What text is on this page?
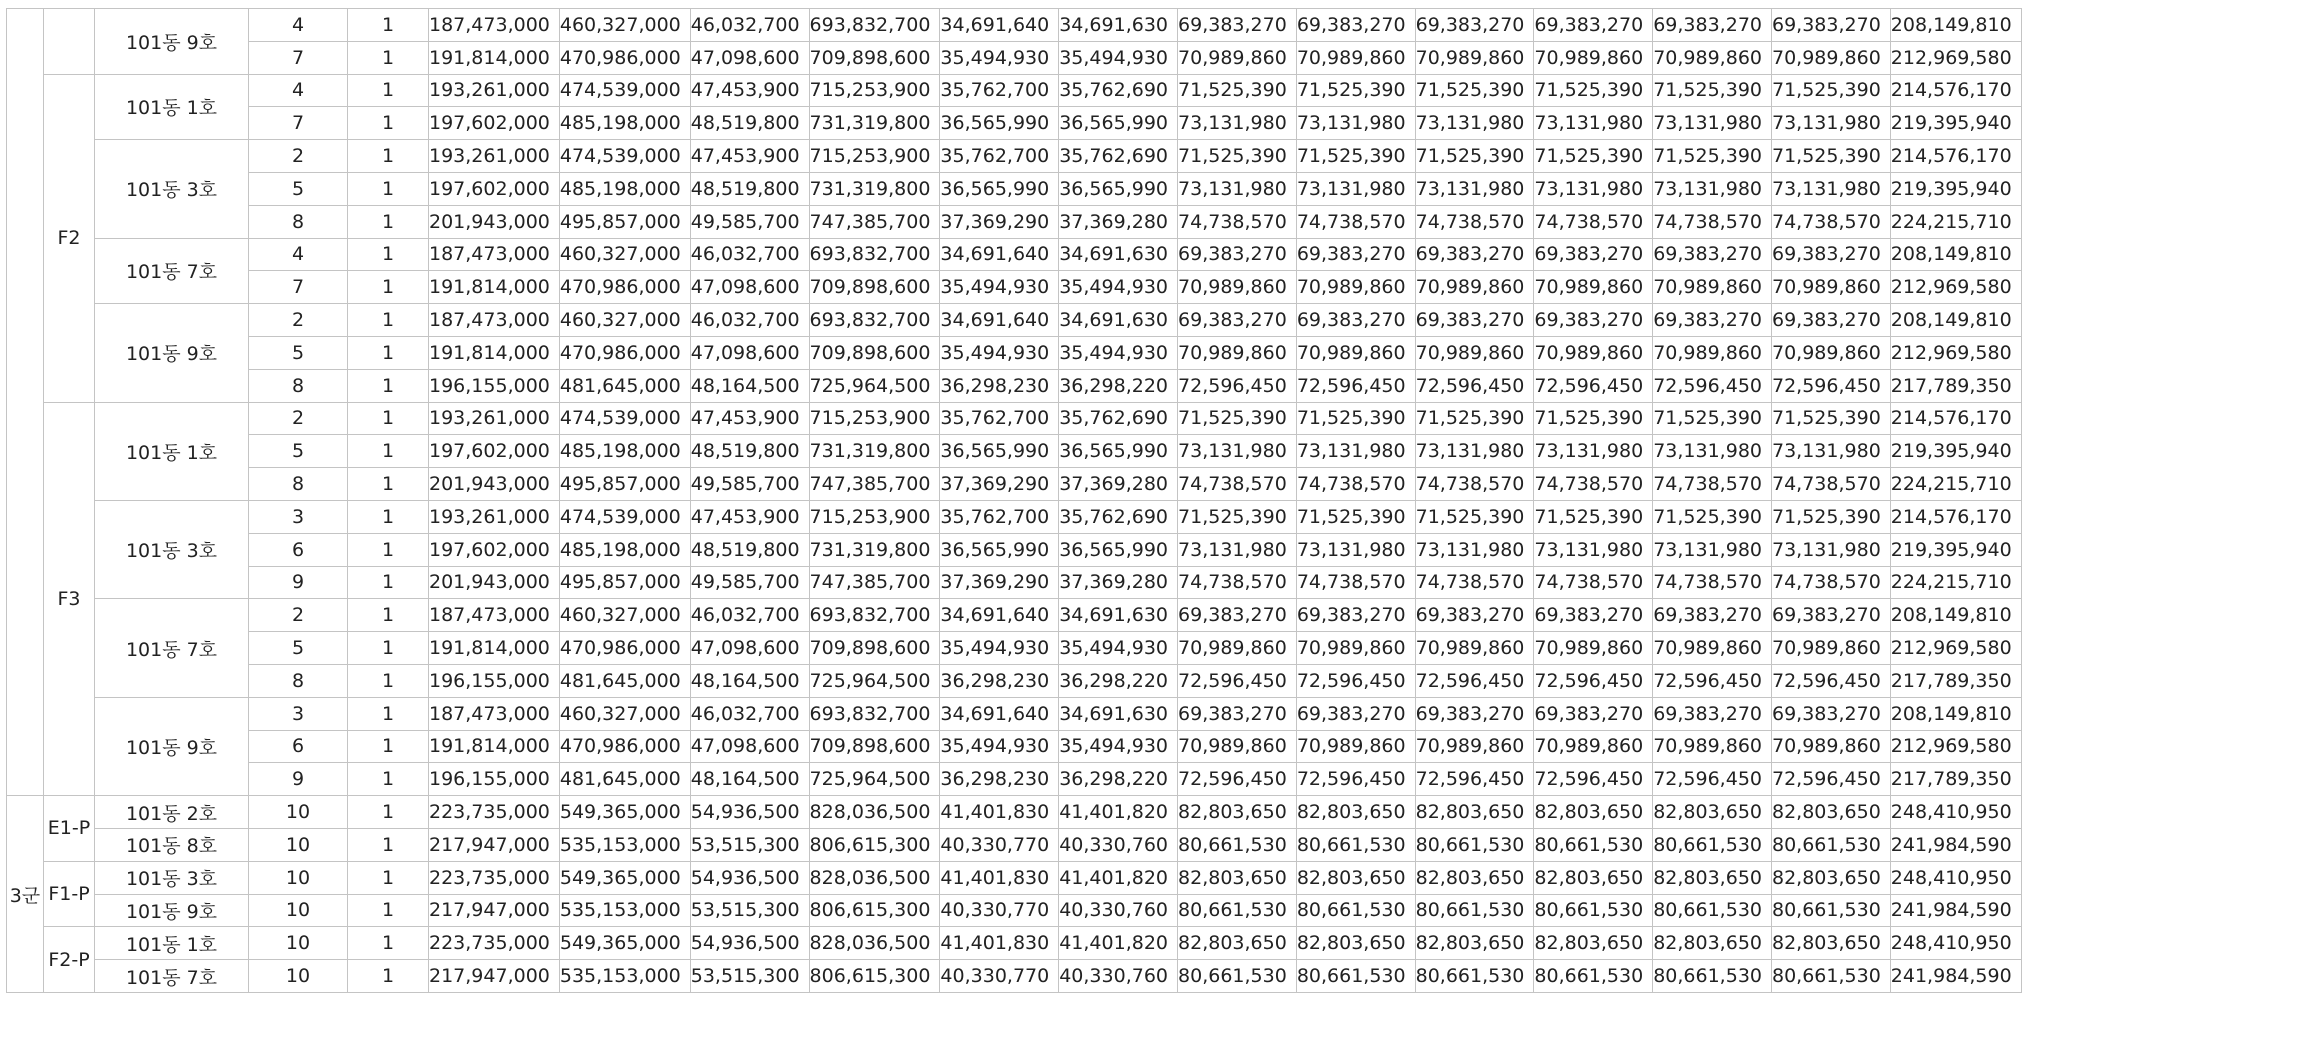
		101동 9호	4	1	187,473,000	460,327,000	46,032,700	693,832,700	34,691,640	34,691,630	69,383,270	69,383,270	69,383,270	69,383,270	69,383,270	69,383,270	208,149,810
			7	1	191,814,000	470,986,000	47,098,600	709,898,600	35,494,930	35,494,930	70,989,860	70,989,860	70,989,860	70,989,860	70,989,860	70,989,860	212,969,580
	F2	101동 1호	4	1	193,261,000	474,539,000	47,453,900	715,253,900	35,762,700	35,762,690	71,525,390	71,525,390	71,525,390	71,525,390	71,525,390	71,525,390	214,576,170
			7	1	197,602,000	485,198,000	48,519,800	731,319,800	36,565,990	36,565,990	73,131,980	73,131,980	73,131,980	73,131,980	73,131,980	73,131,980	219,395,940
		101동 3호	2	1	193,261,000	474,539,000	47,453,900	715,253,900	35,762,700	35,762,690	71,525,390	71,525,390	71,525,390	71,525,390	71,525,390	71,525,390	214,576,170
			5	1	197,602,000	485,198,000	48,519,800	731,319,800	36,565,990	36,565,990	73,131,980	73,131,980	73,131,980	73,131,980	73,131,980	73,131,980	219,395,940
			8	1	201,943,000	495,857,000	49,585,700	747,385,700	37,369,290	37,369,280	74,738,570	74,738,570	74,738,570	74,738,570	74,738,570	74,738,570	224,215,710
		101동 7호	4	1	187,473,000	460,327,000	46,032,700	693,832,700	34,691,640	34,691,630	69,383,270	69,383,270	69,383,270	69,383,270	69,383,270	69,383,270	208,149,810
			7	1	191,814,000	470,986,000	47,098,600	709,898,600	35,494,930	35,494,930	70,989,860	70,989,860	70,989,860	70,989,860	70,989,860	70,989,860	212,969,580
		101동 9호	2	1	187,473,000	460,327,000	46,032,700	693,832,700	34,691,640	34,691,630	69,383,270	69,383,270	69,383,270	69,383,270	69,383,270	69,383,270	208,149,810
			5	1	191,814,000	470,986,000	47,098,600	709,898,600	35,494,930	35,494,930	70,989,860	70,989,860	70,989,860	70,989,860	70,989,860	70,989,860	212,969,580
			8	1	196,155,000	481,645,000	48,164,500	725,964,500	36,298,230	36,298,220	72,596,450	72,596,450	72,596,450	72,596,450	72,596,450	72,596,450	217,789,350
	F3	101동 1호	2	1	193,261,000	474,539,000	47,453,900	715,253,900	35,762,700	35,762,690	71,525,390	71,525,390	71,525,390	71,525,390	71,525,390	71,525,390	214,576,170
			5	1	197,602,000	485,198,000	48,519,800	731,319,800	36,565,990	36,565,990	73,131,980	73,131,980	73,131,980	73,131,980	73,131,980	73,131,980	219,395,940
			8	1	201,943,000	495,857,000	49,585,700	747,385,700	37,369,290	37,369,280	74,738,570	74,738,570	74,738,570	74,738,570	74,738,570	74,738,570	224,215,710
		101동 3호	3	1	193,261,000	474,539,000	47,453,900	715,253,900	35,762,700	35,762,690	71,525,390	71,525,390	71,525,390	71,525,390	71,525,390	71,525,390	214,576,170
			6	1	197,602,000	485,198,000	48,519,800	731,319,800	36,565,990	36,565,990	73,131,980	73,131,980	73,131,980	73,131,980	73,131,980	73,131,980	219,395,940
			9	1	201,943,000	495,857,000	49,585,700	747,385,700	37,369,290	37,369,280	74,738,570	74,738,570	74,738,570	74,738,570	74,738,570	74,738,570	224,215,710
		101동 7호	2	1	187,473,000	460,327,000	46,032,700	693,832,700	34,691,640	34,691,630	69,383,270	69,383,270	69,383,270	69,383,270	69,383,270	69,383,270	208,149,810
			5	1	191,814,000	470,986,000	47,098,600	709,898,600	35,494,930	35,494,930	70,989,860	70,989,860	70,989,860	70,989,860	70,989,860	70,989,860	212,969,580
			8	1	196,155,000	481,645,000	48,164,500	725,964,500	36,298,230	36,298,220	72,596,450	72,596,450	72,596,450	72,596,450	72,596,450	72,596,450	217,789,350
		101동 9호	3	1	187,473,000	460,327,000	46,032,700	693,832,700	34,691,640	34,691,630	69,383,270	69,383,270	69,383,270	69,383,270	69,383,270	69,383,270	208,149,810
			6	1	191,814,000	470,986,000	47,098,600	709,898,600	35,494,930	35,494,930	70,989,860	70,989,860	70,989,860	70,989,860	70,989,860	70,989,860	212,969,580
			9	1	196,155,000	481,645,000	48,164,500	725,964,500	36,298,230	36,298,220	72,596,450	72,596,450	72,596,450	72,596,450	72,596,450	72,596,450	217,789,350
3군	E1-P	101동 2호	10	1	223,735,000	549,365,000	54,936,500	828,036,500	41,401,830	41,401,820	82,803,650	82,803,650	82,803,650	82,803,650	82,803,650	82,803,650	248,410,950
		101동 8호	10	1	217,947,000	535,153,000	53,515,300	806,615,300	40,330,770	40,330,760	80,661,530	80,661,530	80,661,530	80,661,530	80,661,530	80,661,530	241,984,590
	F1-P	101동 3호	10	1	223,735,000	549,365,000	54,936,500	828,036,500	41,401,830	41,401,820	82,803,650	82,803,650	82,803,650	82,803,650	82,803,650	82,803,650	248,410,950
		101동 9호	10	1	217,947,000	535,153,000	53,515,300	806,615,300	40,330,770	40,330,760	80,661,530	80,661,530	80,661,530	80,661,530	80,661,530	80,661,530	241,984,590
	F2-P	101동 1호	10	1	223,735,000	549,365,000	54,936,500	828,036,500	41,401,830	41,401,820	82,803,650	82,803,650	82,803,650	82,803,650	82,803,650	82,803,650	248,410,950
		101동 7호	10	1	217,947,000	535,153,000	53,515,300	806,615,300	40,330,770	40,330,760	80,661,530	80,661,530	80,661,530	80,661,530	80,661,530	80,661,530	241,984,590
